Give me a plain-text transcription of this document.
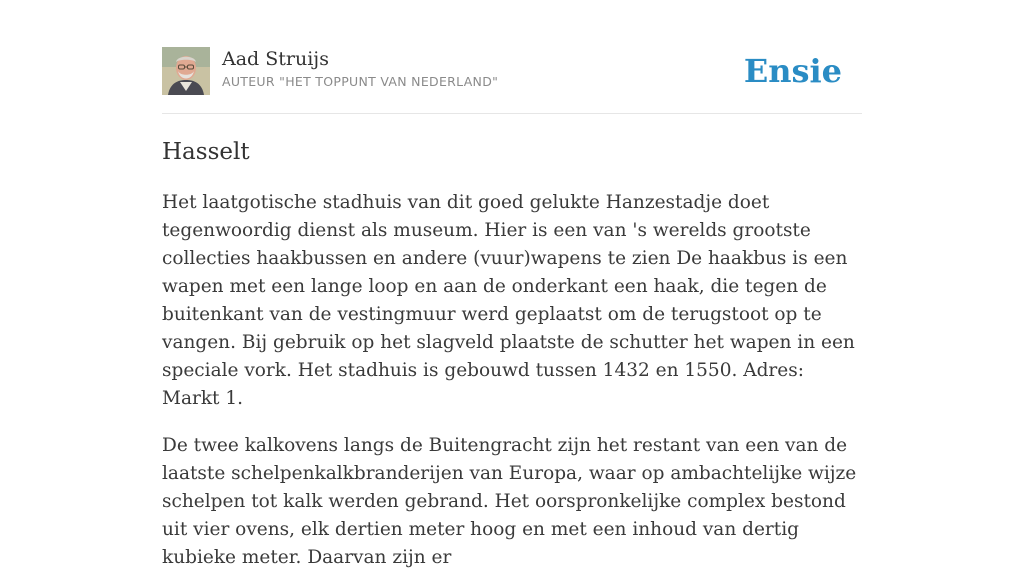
Aad Struijs
AUTEUR "HET TOPPUNT VAN NEDERLAND"	Ensie
Hasselt

Het laatgotische stadhuis van dit goed gelukte Hanzestadje doet tegenwoordig dienst als museum. Hier is een van 's werelds grootste collecties haakbussen en andere (vuur)wapens te zien De haakbus is een wapen met een lange loop en aan de onderkant een haak, die tegen de buitenkant van de vestingmuur werd geplaatst om de terugstoot op te vangen. Bij gebruik op het slagveld plaatste de schutter het wapen in een speciale vork. Het stadhuis is gebouwd tussen 1432 en 1550. Adres: Markt 1.

De twee kalkovens langs de Buitengracht zijn het restant van een van de laatste schelpenkalkbranderijen van Europa, waar op ambachtelijke wijze schelpen tot kalk werden gebrand. Het oorspronkelijke complex bestond uit vier ovens, elk dertien meter hoog en met een inhoud van dertig kubieke meter. Daarvan zijn er
